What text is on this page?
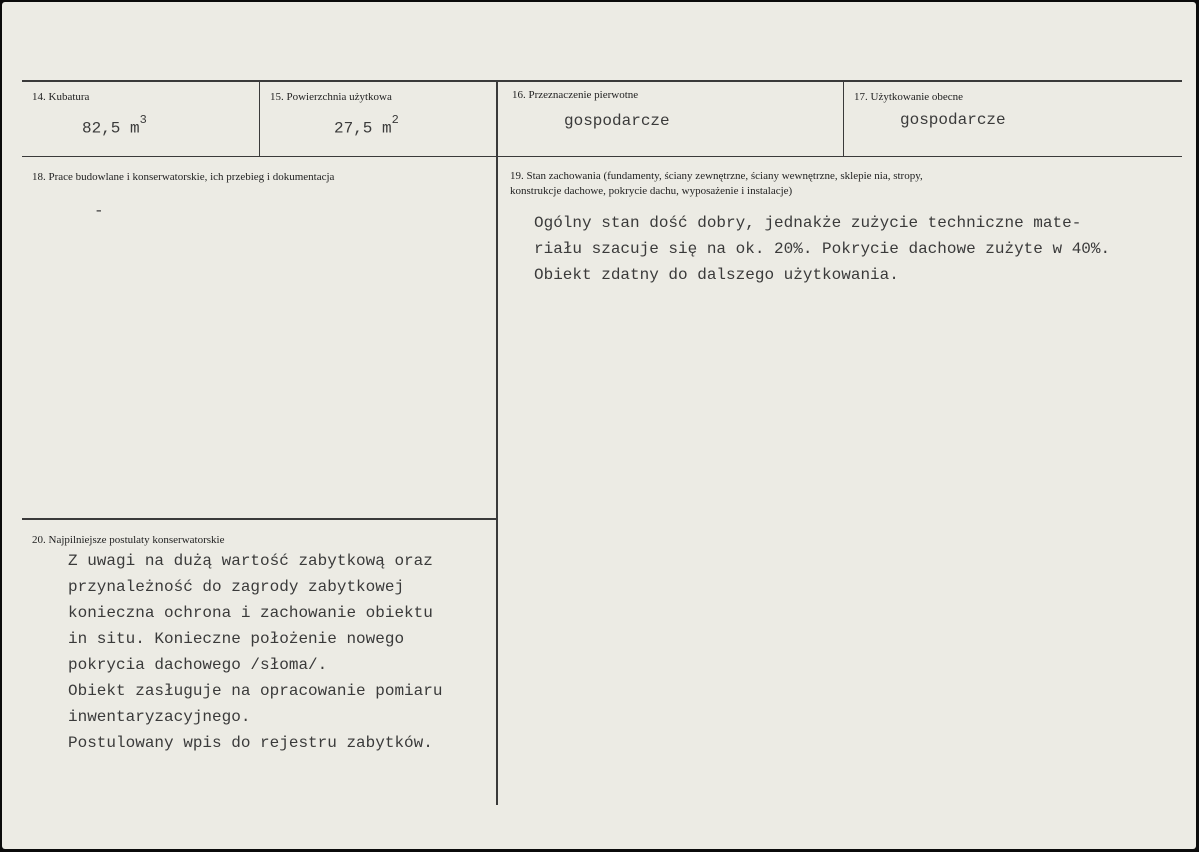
14. Kubatura
82,5 $m^3$
15. Powierzchnia użytkowa
27,5 $m^2$
16. Przeznaczenie pierwotne
gospodarcze
17. Użytkowanie obecne
gospodarcze
18. Prace budowlane i konserwatorskie, ich przebieg i dokumentacja
-
19. Stan zachowania (fundamenty, ściany zewnętrzne, ściany wewnętrzne, sklepie nia, stropy,
konstrukcje dachowe, pokrycie dachu, wyposażenie i instalacje)
Ogólny stan dość dobry, jednakże zużycie techniczne mate-
riału szacuje się na ok. 20%. Pokrycie dachowe zużyte w 40%.
Obiekt zdatny do dalszego użytkowania.
20. Najpilniejsze postulaty konserwatorskie
Z uwagi na dużą wartość zabytkową oraz
przynależność do zagrody zabytkowej
konieczna ochrona i zachowanie obiektu
in situ. Konieczne położenie nowego
pokrycia dachowego /słoma/.
Obiekt zasługuje na opracowanie pomiaru
inwentaryzacyjnego.
Postulowany wpis do rejestru zabytków.
